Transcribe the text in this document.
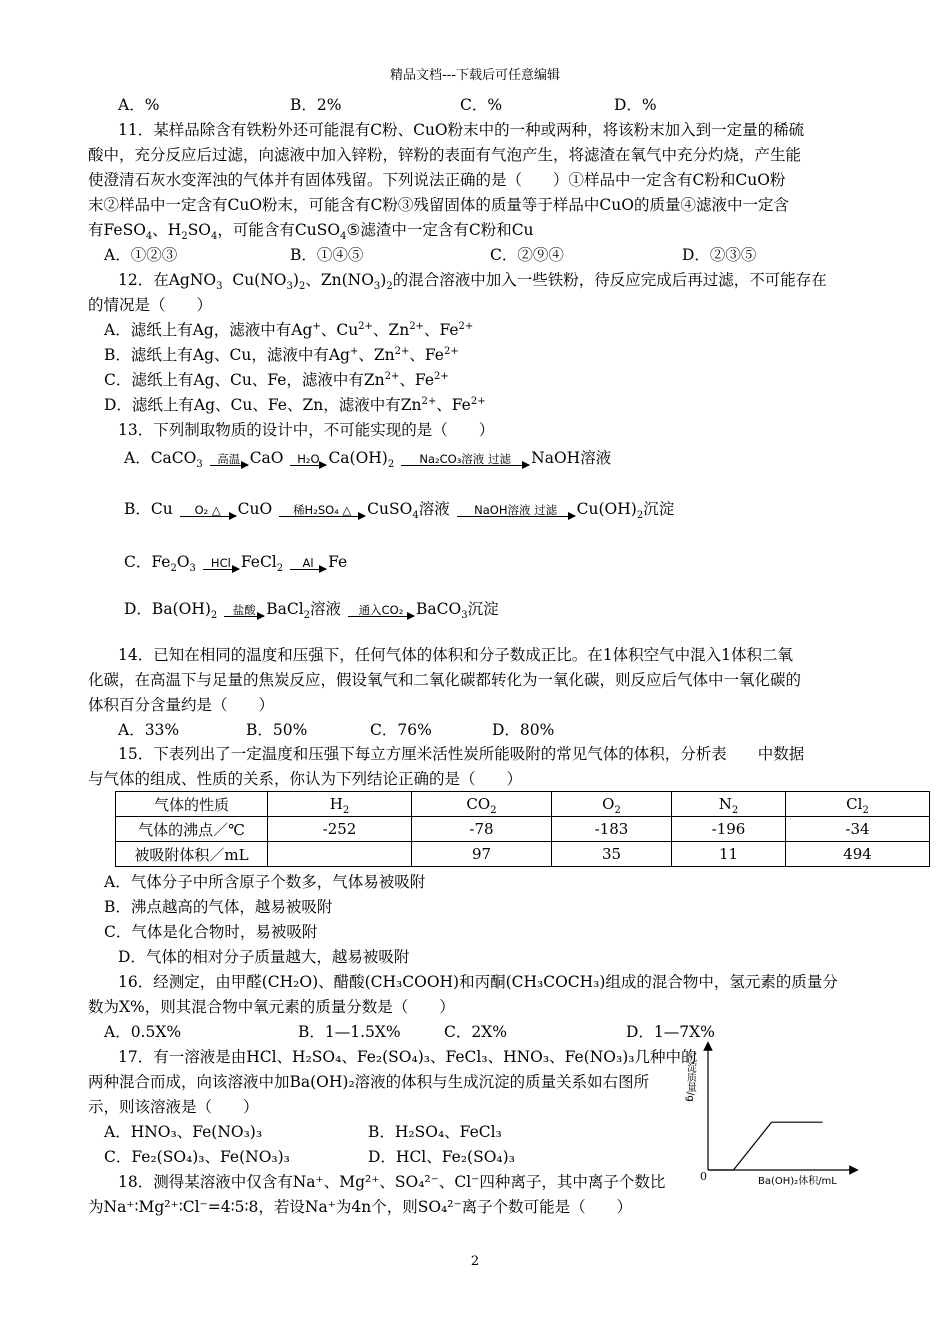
精品文档---下载后可任意编辑
A．%	B．2%	C．%	D．%
11．某样品除含有铁粉外还可能混有C粉、CuO粉末中的一种或两种，将该粉末加入到一定量的稀硫
酸中，充分反应后过滤，向滤液中加入锌粉，锌粉的表面有气泡产生，将滤渣在氧气中充分灼烧，产生能
使澄清石灰水变浑浊的气体并有固体残留。下列说法正确的是（　　）①样品中一定含有C粉和CuO粉
末②样品中一定含有CuO粉末，可能含有C粉③残留固体的质量等于样品中CuO的质量④滤液中一定含
有FeSO$_4$、$H_2SO_4$，可能含有CuSO$_4$⑤滤渣中一定含有C粉和Cu
A．①②③	B．①④⑤	C．②⑨④	D．②③⑤
12．在AgNO$_3$ $Cu(NO_3)_2$、$Zn(NO_3)_2$的混合溶液中加入一些铁粉，待反应完成后再过滤，不可能存在
的情况是（　　）
A．滤纸上有Ag，滤液中有Ag+、$Cu^{2+}$、$Zn^{2+}$、$Fe^{2+}$
B．滤纸上有Ag、Cu，滤液中有Ag+、$Zn^{2+}$、$Fe^{2+}$
C．滤纸上有Ag、Cu、Fe，滤液中有$Zn^{2+}$、$Fe^{2+}$
D．滤纸上有Ag、Cu、Fe、Zn，滤液中有$Zn^{2+}$、$Fe^{2+}$
13．下列制取物质的设计中，不可能实现的是（　　）
A．CaCO$_3$	高温 CaO	H₂O $Ca(OH)_2$	Na₂CO₃溶液 过滤	NaOH溶液
B．Cu	O₂ △	CuO	稀H₂SO₄ △	CuSO$_4$溶液	NaOH溶液 过滤	$Cu(OH)_2$沉淀
C．$Fe_2O_3$	HCl FeCl$_2$	Al Fe
D．$Ba(OH)_2$	盐酸 BaCl$_2$溶液	通入CO₂ BaCO$_3$沉淀
14．已知在相同的温度和压强下，任何气体的体积和分子数成正比。在1体积空气中混入1体积二氧
化碳，在高温下与足量的焦炭反应，假设氧气和二氧化碳都转化为一氧化碳，则反应后气体中一氧化碳的
体积百分含量约是（　　）
A．33%	B．50%	C．76%	D．80%
15．下表列出了一定温度和压强下每立方厘米活性炭所能吸附的常见气体的体积，分析表　　中数据
与气体的组成、性质的关系，你认为下列结论正确的是（　　）
气体的性质	$H_2$	$CO_2$	$O_2$	$N_2$	$Cl_2$
气体的沸点／℃	-252	-78	-183	-196	-34
被吸附体积／mL		97	35	11	494
A．气体分子中所含原子个数多，气体易被吸附
B．沸点越高的气体，越易被吸附
C．气体是化合物时，易被吸附
D．气体的相对分子质量越大，越易被吸附
16．经测定，由甲醛(CH₂O)、醋酸(CH₃COOH)和丙酮(CH₃COCH₃)组成的混合物中，氢元素的质量分
数为X%，则其混合物中氧元素的质量分数是（　　）
A．0.5X%	B．1—1.5X%	C．2X%	D．1—7X%
17．有一溶液是由HCl、H₂SO₄、Fe₂(SO₄)₃、FeCl₃、HNO₃、Fe(NO₃)₃几种中的
两种混合而成，向该溶液中加Ba(OH)₂溶液的体积与生成沉淀的质量关系如右图所
示，则该溶液是（　　）
A．HNO₃、Fe(NO₃)₃	B．H₂SO₄、FeCl₃
C．Fe₂(SO₄)₃、Fe(NO₃)₃	D．HCl、Fe₂(SO₄)₃
18．测得某溶液中仅含有Na⁺、Mg²⁺、SO₄²⁻、Cl⁻四种离子，其中离子个数比
为Na⁺∶Mg²⁺∶Cl⁻=4∶5∶8，若设Na⁺为4n个，则SO₄²⁻离子个数可能是（　　）
沉淀质量/g
0	Ba(OH)₂体积/mL
2
